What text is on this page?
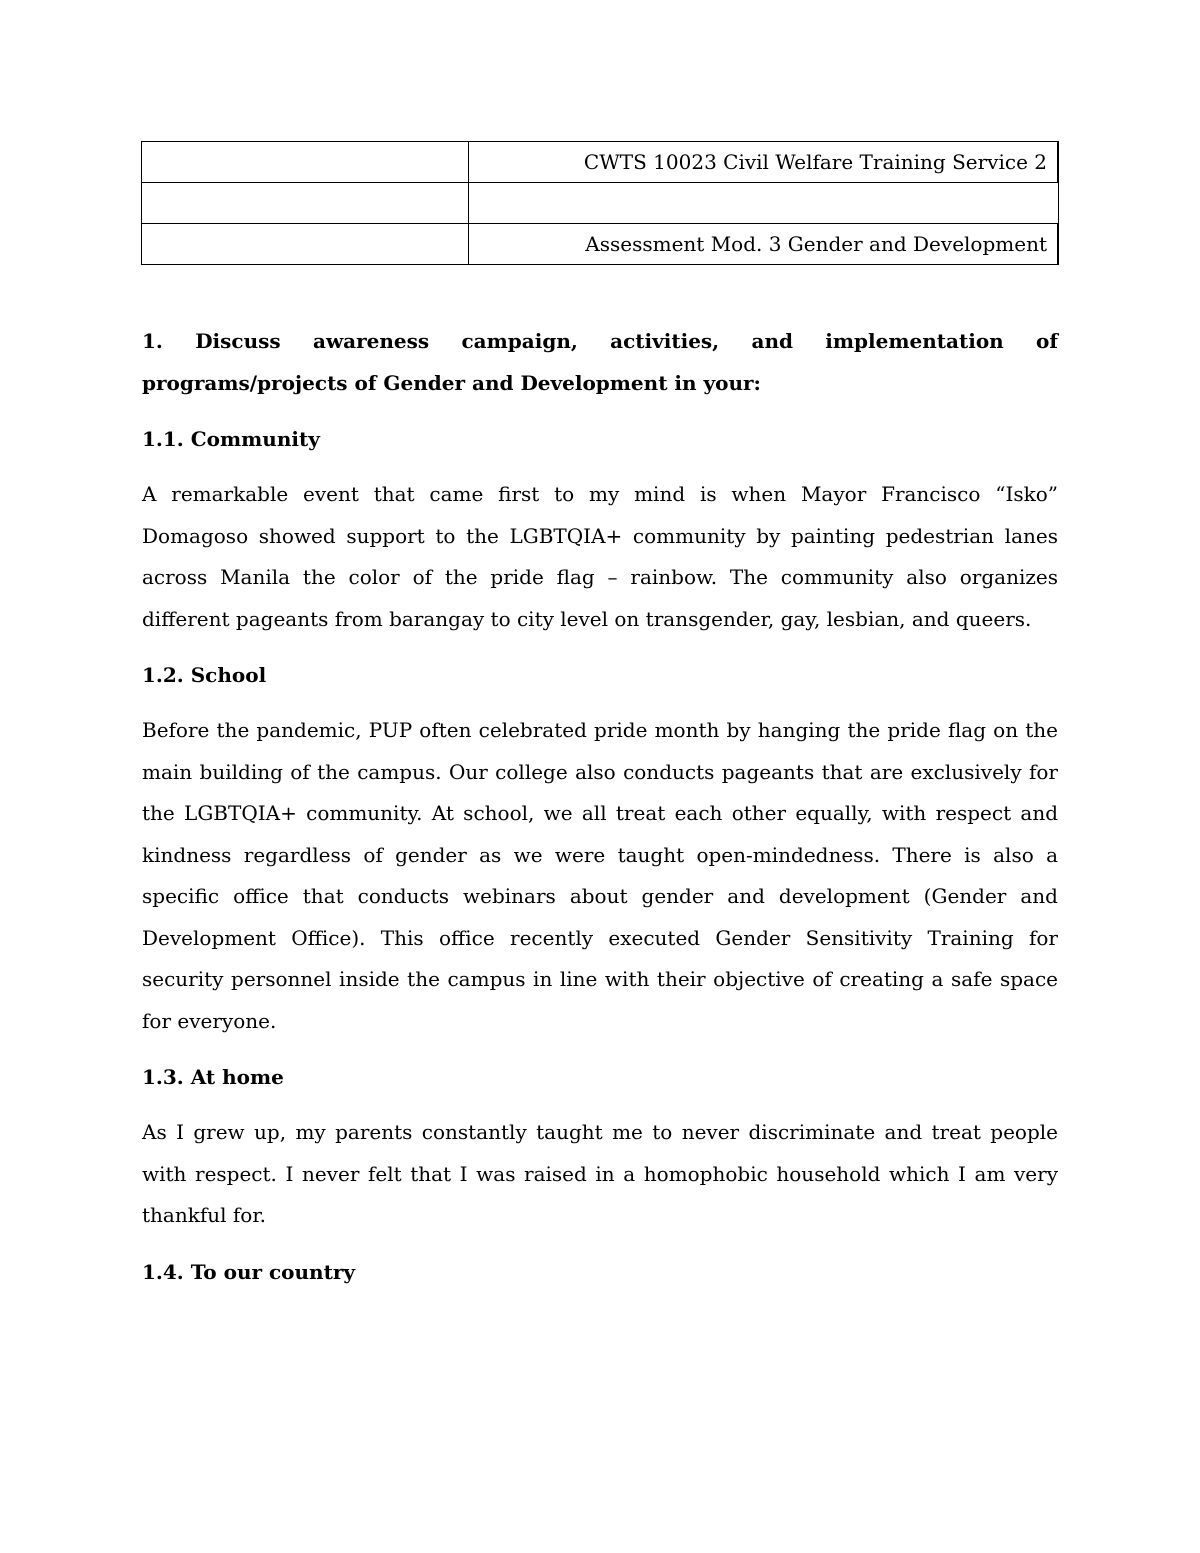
	CWTS 10023 Civil Welfare Training Service 2

	Assessment Mod. 3 Gender and Development

1. Discuss awareness campaign, activities, and implementation of programs/projects of Gender and Development in your:

1.1. Community

A remarkable event that came first to my mind is when Mayor Francisco “Isko” Domagoso showed support to the LGBTQIA+ community by painting pedestrian lanes across Manila the color of the pride flag – rainbow. The community also organizes different pageants from barangay to city level on transgender, gay, lesbian, and queers.

1.2. School

Before the pandemic, PUP often celebrated pride month by hanging the pride flag on the main building of the campus. Our college also conducts pageants that are exclusively for the LGBTQIA+ community. At school, we all treat each other equally, with respect and kindness regardless of gender as we were taught open-mindedness. There is also a specific office that conducts webinars about gender and development (Gender and Development Office). This office recently executed Gender Sensitivity Training for security personnel inside the campus in line with their objective of creating a safe space for everyone.

1.3. At home

As I grew up, my parents constantly taught me to never discriminate and treat people with respect. I never felt that I was raised in a homophobic household which I am very thankful for.

1.4. To our country
